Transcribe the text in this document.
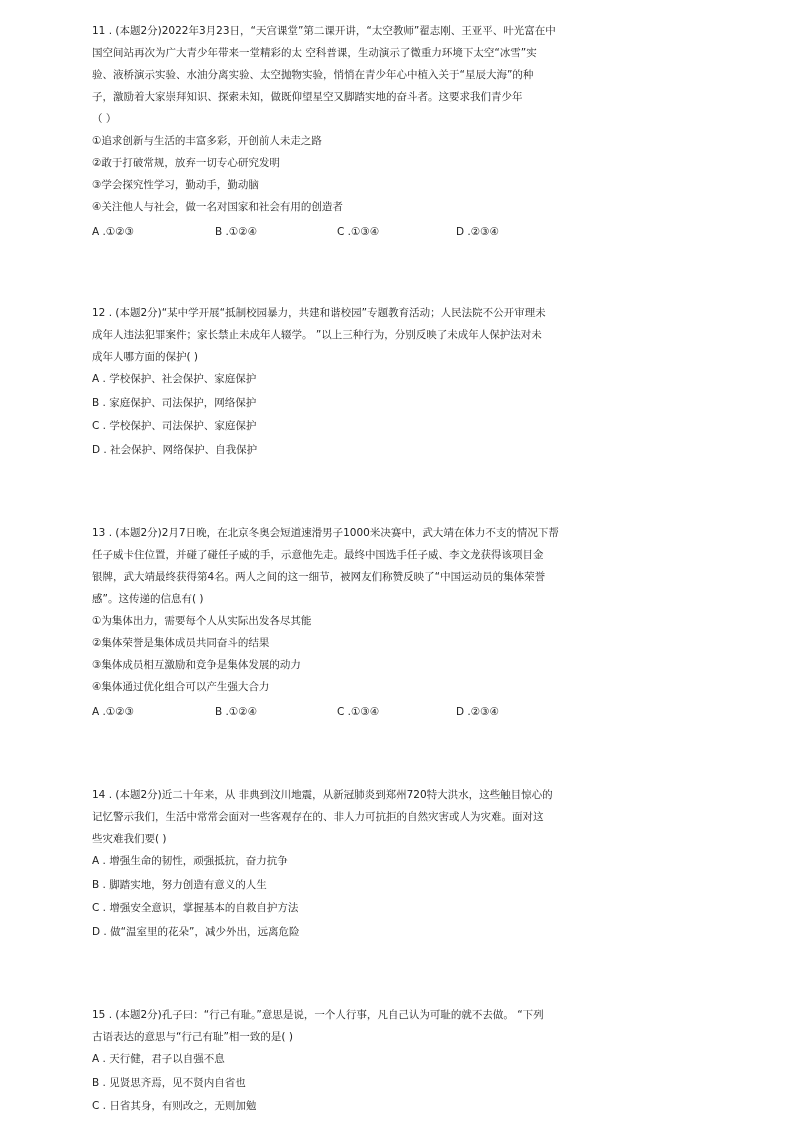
11 . (本题2分)2022年3月23日，“天宫课堂”第二课开讲，“太空教师”翟志刚、王亚平、叶光富在中
国空间站再次为广大青少年带来一堂精彩的太 空科普课，生动演示了微重力环境下太空“冰雪”实
验、液桥演示实验、水油分离实验、太空抛物实验，悄悄在青少年心中植入关于“星辰大海”的种
子，激励着大家崇拜知识、探索未知，做既仰望星空又脚踏实地的奋斗者。这要求我们青少年
（ ）
①追求创新与生活的丰富多彩，开创前人未走之路
②敢于打破常规，放弃一切专心研究发明
③学会探究性学习，勤动手，勤动脑
④关注他人与社会，做一名对国家和社会有用的创造者
A .①②③	B .①②④	C .①③④	D .②③④
12 . (本题2分)“某中学开展“抵制校园暴力，共建和谐校园”专题教育活动；人民法院不公开审理未
成年人违法犯罪案件；家长禁止未成年人辍学。 ”以上三种行为，分别反映了未成年人保护法对未
成年人哪方面的保护( )
A . 学校保护、社会保护、家庭保护
B . 家庭保护、司法保护，网络保护
C . 学校保护、司法保护、家庭保护
D . 社会保护、网络保护、自我保护
13 . (本题2分)2月7日晚，在北京冬奥会短道速滑男子1000米决赛中，武大靖在体力不支的情况下帮
任子威卡住位置，并碰了碰任子威的手，示意他先走。最终中国选手任子威、李文龙获得该项目金
银牌，武大靖最终获得第4名。两人之间的这一细节，被网友们称赞反映了“中国运动员的集体荣誉
感”。这传递的信息有( )
①为集体出力，需要每个人从实际出发各尽其能
②集体荣誉是集体成员共同奋斗的结果
③集体成员相互激励和竞争是集体发展的动力
④集体通过优化组合可以产生强大合力
A .①②③	B .①②④	C .①③④	D .②③④
14 . (本题2分)近二十年来，从 非典到汶川地震，从新冠肺炎到郑州720特大洪水，这些触目惊心的
记忆警示我们，生活中常常会面对一些客观存在的、非人力可抗拒的自然灾害或人为灾难。面对这
些灾难我们要( )
A . 增强生命的韧性，顽强抵抗，奋力抗争
B . 脚踏实地，努力创造有意义的人生
C . 增强安全意识，掌握基本的自救自护方法
D . 做“温室里的花朵”，减少外出，远离危险
15 . (本题2分)孔子曰：“行己有耻。”意思是说，一个人行事，凡自己认为可耻的就不去做。 “下列
古语表达的意思与“行己有耻”相一致的是( )
A . 天行健，君子以自强不息
B . 见贤思齐焉，见不贤内自省也
C . 日省其身，有则改之，无则加勉
